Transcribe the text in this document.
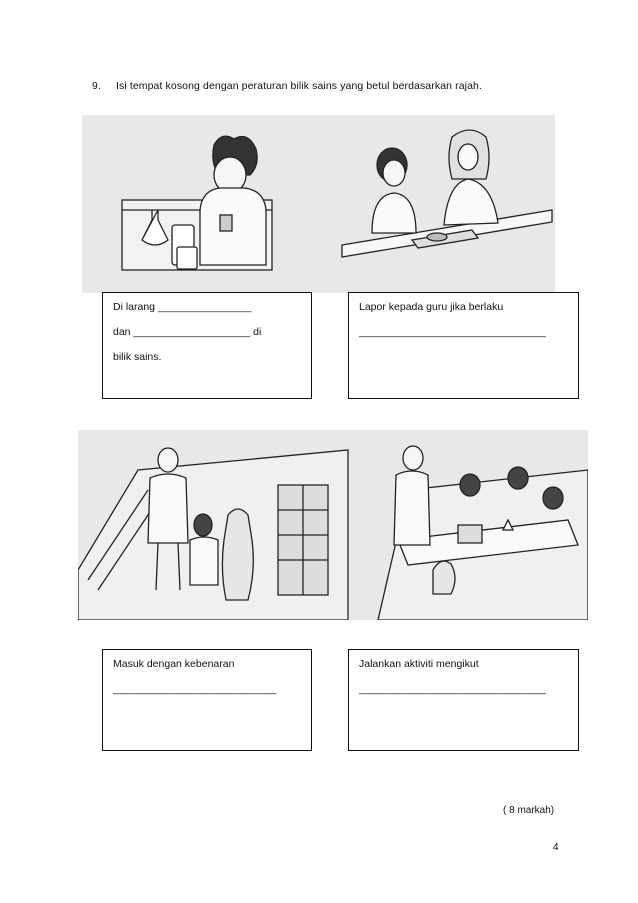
9. Isi tempat kosong dengan peraturan bilik sains yang betul berdasarkan rajah.

Di larang ________________

dan ____________________ di

bilik sains.

Lapor kepada guru jika berlaku

________________________________

Masuk dengan kebenaran

____________________________

Jalankan aktiviti mengikut

________________________________

( 8 markah)
4
